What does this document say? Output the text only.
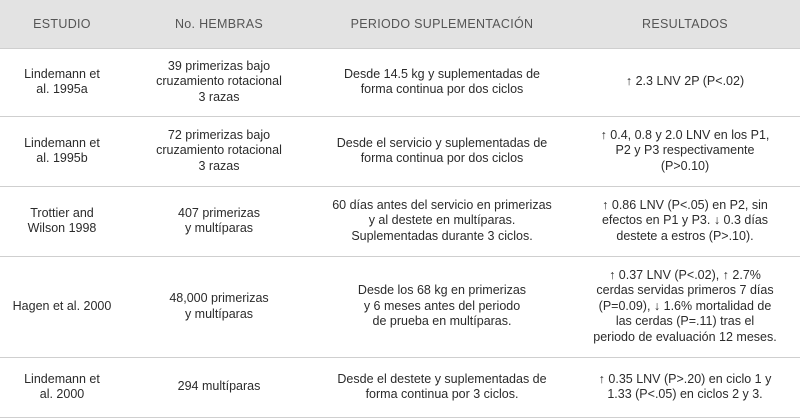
ESTUDIO	No. HEMBRAS	PERIODO SUPLEMENTACIÓN	RESULTADOS
Lindemann et
al. 1995a	39 primerizas bajo
cruzamiento rotacional
3 razas	Desde 14.5 kg y suplementadas de
forma continua por dos ciclos	↑ 2.3 LNV 2P (P<.02)
Lindemann et
al. 1995b	72 primerizas bajo
cruzamiento rotacional
3 razas	Desde el servicio y suplementadas de
forma continua por dos ciclos	↑ 0.4, 0.8 y 2.0 LNV en los P1,
P2 y P3 respectivamente
(P>0.10)
Trottier and
Wilson 1998	407 primerizas
y multíparas	60 días antes del servicio en primerizas
y al destete en multíparas.
Suplementadas durante 3 ciclos.	↑ 0.86 LNV (P<.05) en P2, sin
efectos en P1 y P3. ↓ 0.3 días
destete a estros (P>.10).
Hagen et al. 2000	48,000 primerizas
y multíparas	Desde los 68 kg en primerizas
y 6 meses antes del periodo
de prueba en multíparas.	↑ 0.37 LNV (P<.02), ↑ 2.7%
cerdas servidas primeros 7 días
(P=0.09), ↓ 1.6% mortalidad de
las cerdas (P=.11) tras el
periodo de evaluación 12 meses.
Lindemann et
al. 2000	294 multíparas	Desde el destete y suplementadas de
forma continua por 3 ciclos.	↑ 0.35 LNV (P>.20) en ciclo 1 y
1.33 (P<.05) en ciclos 2 y 3.
